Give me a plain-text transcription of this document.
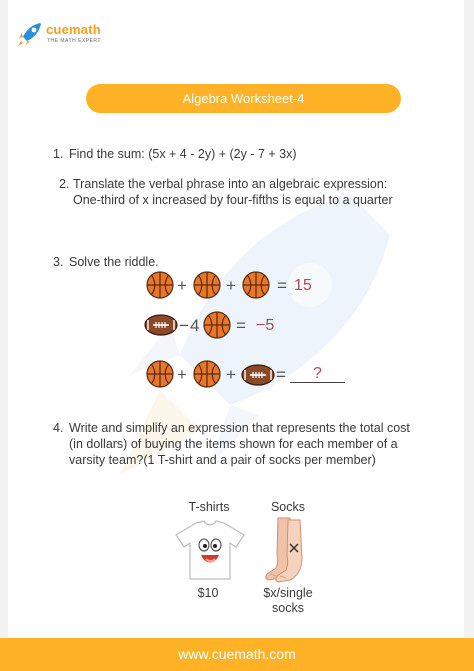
cuemath
THE MATH EXPERT
Algebra Worksheet-4
1. Find the sum: (5x + 4 - 2y) + (2y - 7 + 3x)
2. Translate the verbal phrase into an algebraic expression: One-third of x increased by four-fifths is equal to a quarter
3. Solve the riddle.
+ + = 15
− 4 = −5
+ + = ?
4. Write and simplify an expression that represents the total cost (in dollars) of buying the items shown for each member of a varsity team?(1 T-shirt and a pair of socks per member)
T-shirts	Socks
$10	$x/single
socks
www.cuemath.com
